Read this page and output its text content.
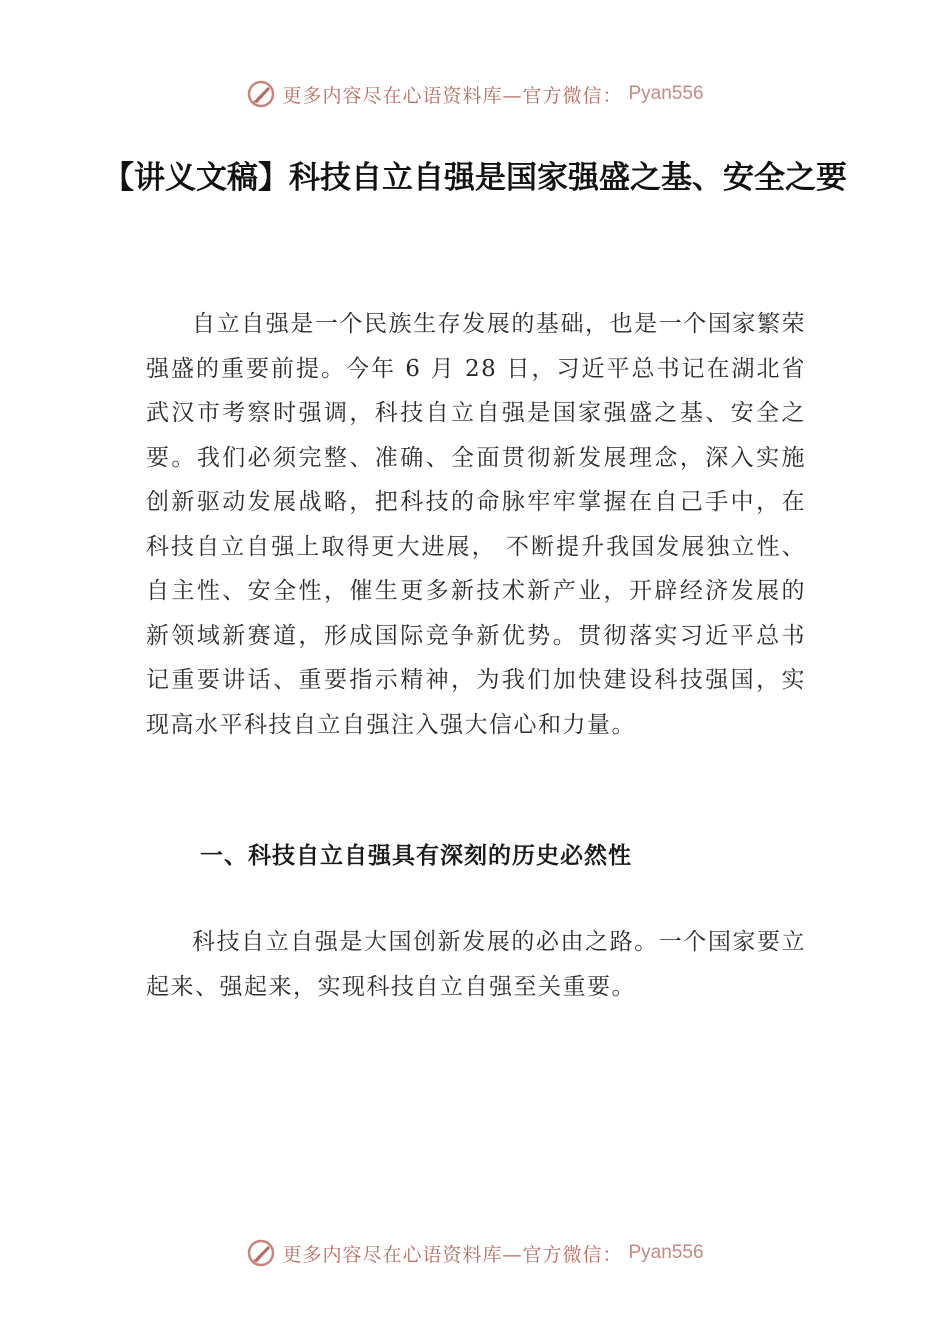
更多内容尽在心语资料库—官方微信： Pyan556
【讲义文稿】科技自立自强是国家强盛之基、安全之要

自立自强是一个民族生存发展的基础，也是一个国家繁荣强盛的重要前提。今年 6 月 28 日，习近平总书记在湖北省武汉市考察时强调，科技自立自强是国家强盛之基、安全之要。我们必须完整、准确、全面贯彻新发展理念，深入实施创新驱动发展战略，把科技的命脉牢牢掌握在自己手中，在科技自立自强上取得更大进展， 不断提升我国发展独立性、自主性、安全性，催生更多新技术新产业，开辟经济发展的新领域新赛道，形成国际竞争新优势。贯彻落实习近平总书记重要讲话、重要指示精神，为我们加快建设科技强国，实现高水平科技自立自强注入强大信心和力量。

一、科技自立自强具有深刻的历史必然性

科技自立自强是大国创新发展的必由之路。一个国家要立起来、强起来，实现科技自立自强至关重要。

更多内容尽在心语资料库—官方微信： Pyan556
